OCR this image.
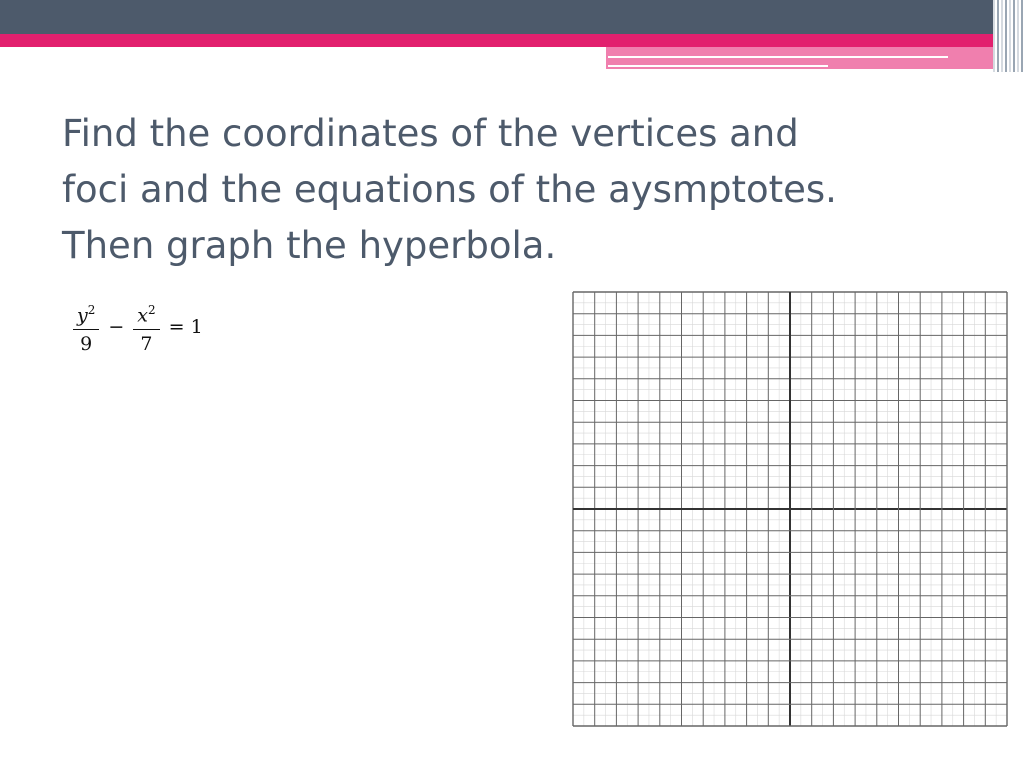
Find the coordinates of the vertices and
foci and the equations of the aysmptotes.
Then graph the hyperbola.
$\frac{y^2}{9} - \frac{x^2}{7} = 1$
